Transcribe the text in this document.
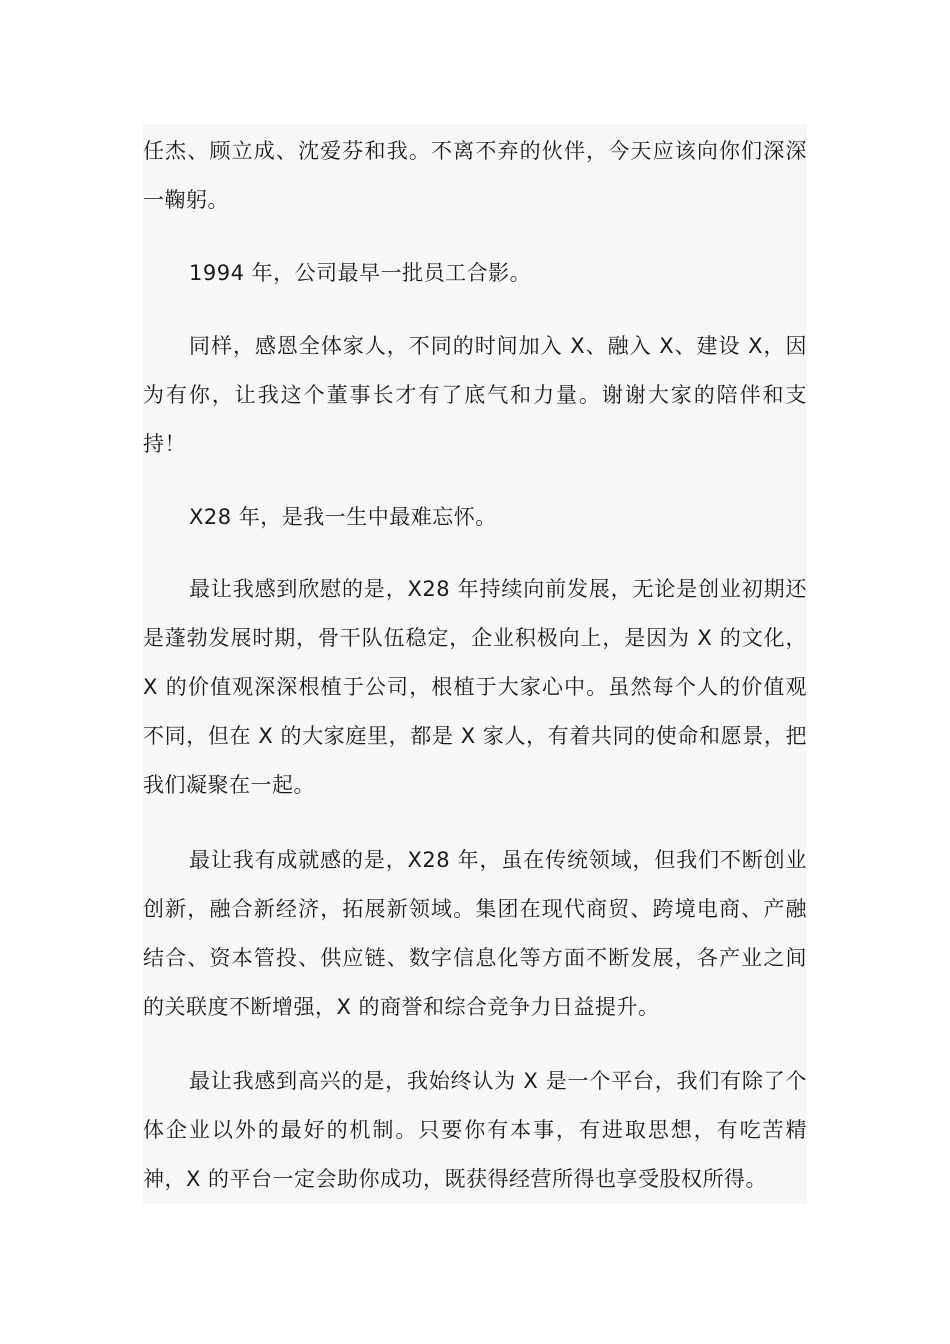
任杰、顾立成、沈爱芬和我。不离不弃的伙伴，今天应该向你们深深一鞠躬。

1994 年，公司最早一批员工合影。

同样，感恩全体家人，不同的时间加入 X、融入 X、建设 X，因为有你，让我这个董事长才有了底气和力量。谢谢大家的陪伴和支持！

X28 年，是我一生中最难忘怀。

最让我感到欣慰的是，X28 年持续向前发展，无论是创业初期还是蓬勃发展时期，骨干队伍稳定，企业积极向上，是因为 X 的文化，X 的价值观深深根植于公司，根植于大家心中。虽然每个人的价值观不同，但在 X 的大家庭里，都是 X 家人，有着共同的使命和愿景，把我们凝聚在一起。

最让我有成就感的是，X28 年，虽在传统领域，但我们不断创业创新，融合新经济，拓展新领域。集团在现代商贸、跨境电商、产融结合、资本管投、供应链、数字信息化等方面不断发展，各产业之间的关联度不断增强，X 的商誉和综合竞争力日益提升。

最让我感到高兴的是，我始终认为 X 是一个平台，我们有除了个体企业以外的最好的机制。只要你有本事，有进取思想，有吃苦精神，X 的平台一定会助你成功，既获得经营所得也享受股权所得。
